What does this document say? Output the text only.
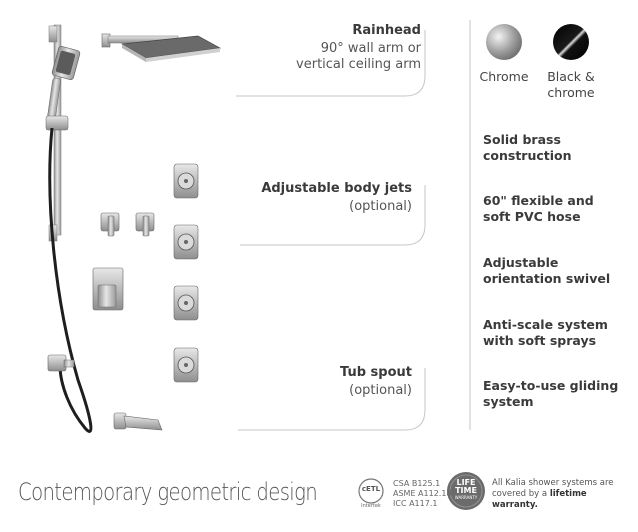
Rainhead
90° wall arm or
vertical ceiling arm
Adjustable body jets
(optional)
Tub spout
(optional)
Chrome	Black &
chrome
Solid brass
construction
60" flexible and
soft PVC hose
Adjustable
orientation swivel
Anti-scale system
with soft sprays
Easy-to-use gliding
system
Contemporary geometric design	cETL
Intertek
CSA B125.1
ASME A112.18.1
ICC A117.1
LIFE
TIME
WARRANTY
All Kalia shower systems are covered by a lifetime warranty.
